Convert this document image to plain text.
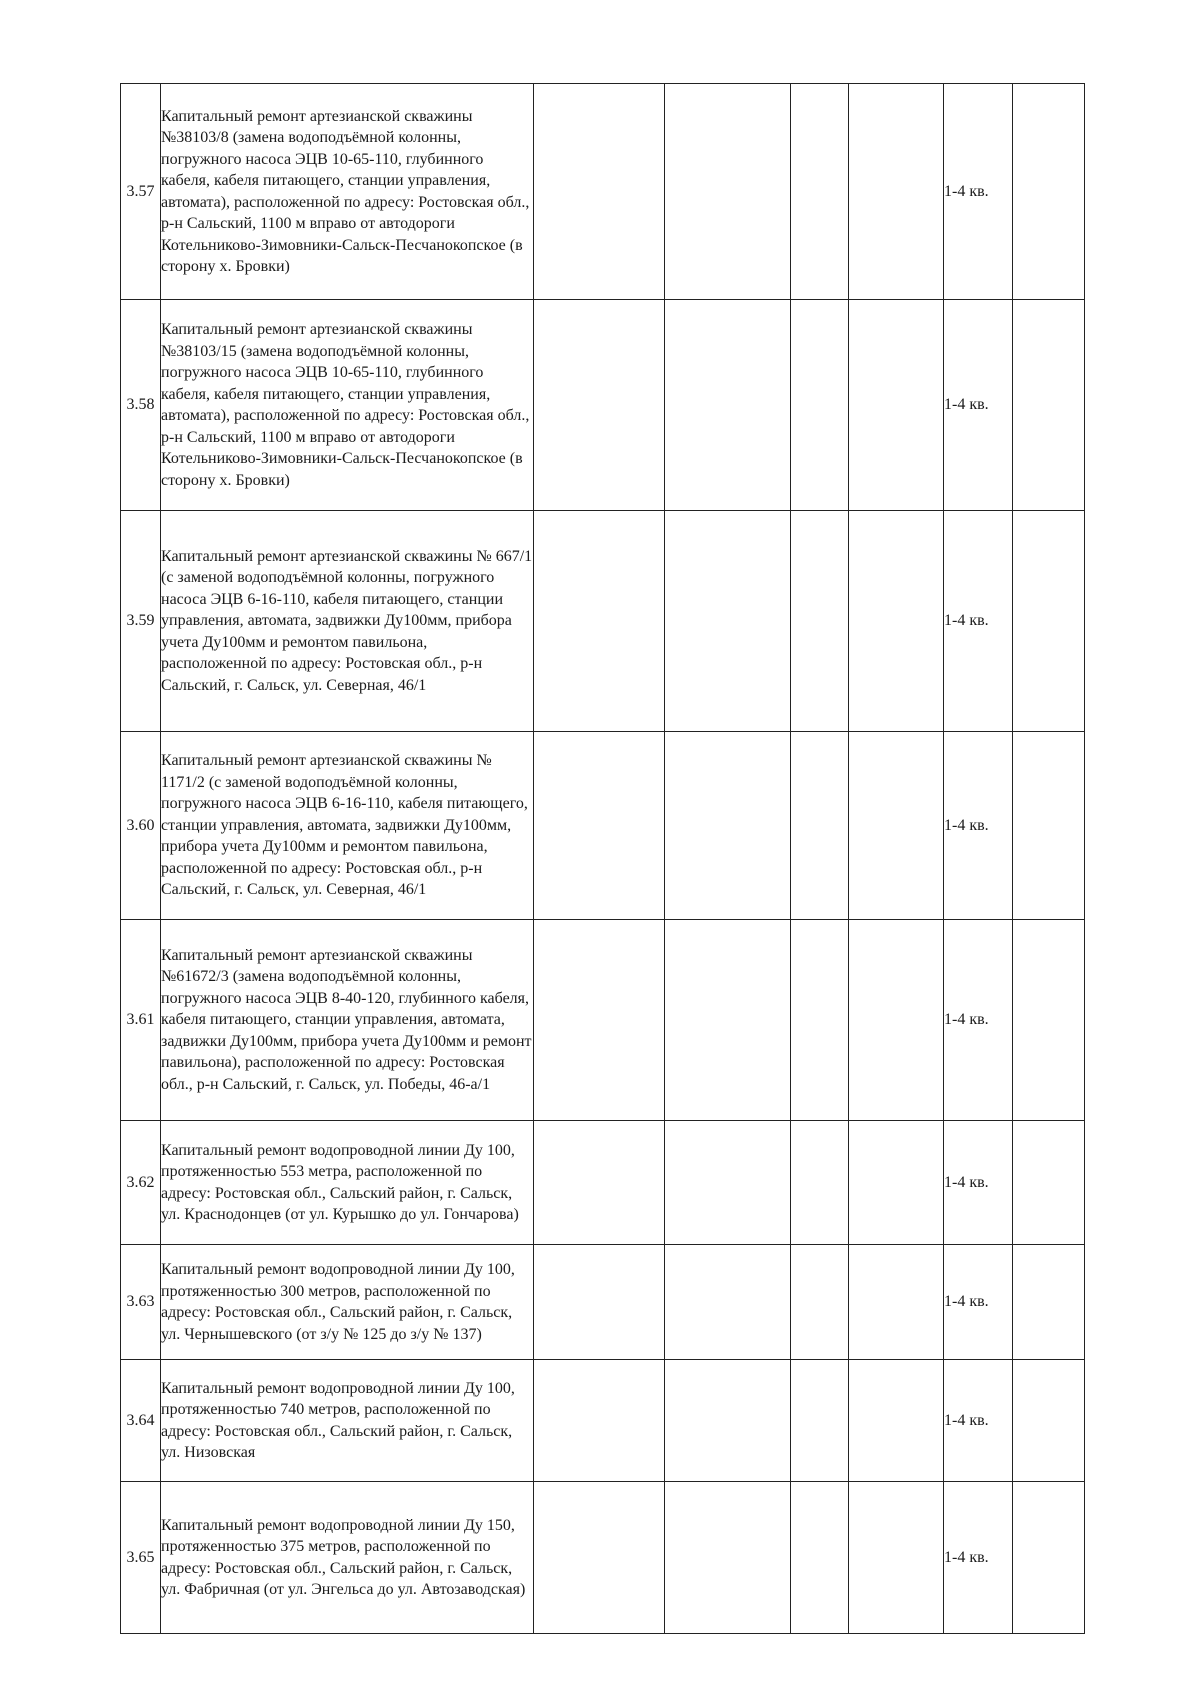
3.57	Капитальный ремонт артезианской скважины №38103/8 (замена водоподъёмной колонны, погружного насоса ЭЦВ 10-65-110, глубинного кабеля, кабеля питающего, станции управления, автомата), расположенной по адресу: Ростовская обл., р-н Сальский, 1100 м вправо от автодороги Котельниково-Зимовники-Сальск-Песчанокопское (в сторону х. Бровки)					1-4 кв.	
3.58	Капитальный ремонт артезианской скважины №38103/15 (замена водоподъёмной колонны, погружного насоса ЭЦВ 10-65-110, глубинного кабеля, кабеля питающего, станции управления, автомата), расположенной по адресу: Ростовская обл., р-н Сальский, 1100 м вправо от автодороги Котельниково-Зимовники-Сальск-Песчанокопское (в сторону х. Бровки)					1-4 кв.	
3.59	Капитальный ремонт артезианской скважины № 667/1 (с заменой водоподъёмной колонны, погружного насоса ЭЦВ 6-16-110, кабеля питающего, станции управления, автомата, задвижки Ду100мм, прибора учета Ду100мм и ремонтом павильона, расположенной по адресу: Ростовская обл., р-н Сальский, г. Сальск, ул. Северная, 46/1					1-4 кв.	
3.60	Капитальный ремонт артезианской скважины № 1171/2 (с заменой водоподъёмной колонны, погружного насоса ЭЦВ 6-16-110, кабеля питающего, станции управления, автомата, задвижки Ду100мм, прибора учета Ду100мм и ремонтом павильона, расположенной по адресу: Ростовская обл., р-н Сальский, г. Сальск, ул. Северная, 46/1					1-4 кв.	
3.61	Капитальный ремонт артезианской скважины №61672/3 (замена водоподъёмной колонны, погружного насоса ЭЦВ 8-40-120, глубинного кабеля, кабеля питающего, станции управления, автомата, задвижки Ду100мм, прибора учета Ду100мм и ремонт павильона), расположенной по адресу: Ростовская обл., р-н Сальский, г. Сальск, ул. Победы, 46-а/1					1-4 кв.	
3.62	Капитальный ремонт водопроводной линии Ду 100, протяженностью 553 метра, расположенной по адресу: Ростовская обл., Сальский район, г. Сальск, ул. Краснодонцев (от ул. Курышко до ул. Гончарова)					1-4 кв.	
3.63	Капитальный ремонт водопроводной линии Ду 100, протяженностью 300 метров, расположенной по адресу: Ростовская обл., Сальский район, г. Сальск, ул. Чернышевского (от з/у № 125 до з/у № 137)					1-4 кв.	
3.64	Капитальный ремонт водопроводной линии Ду 100, протяженностью 740 метров, расположенной по адресу: Ростовская обл., Сальский район, г. Сальск, ул. Низовская					1-4 кв.	
3.65	Капитальный ремонт водопроводной линии Ду 150, протяженностью 375 метров, расположенной по адресу: Ростовская обл., Сальский район, г. Сальск, ул. Фабричная (от ул. Энгельса до ул. Автозаводская)					1-4 кв.	
